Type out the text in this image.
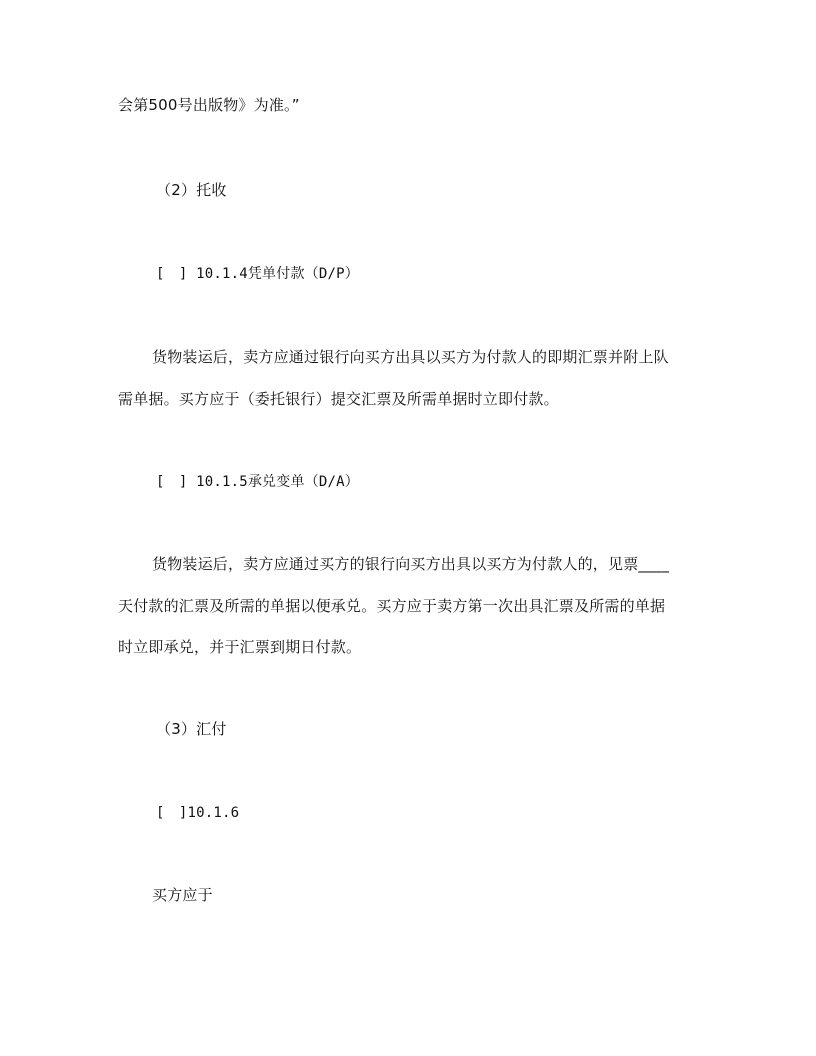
会第500号出版物》为准。”
（2）托收
[　] 10.1.4凭单付款（D/P）
货物装运后，卖方应通过银行向买方出具以买方为付款人的即期汇票并附上队
需单据。买方应于（委托银行）提交汇票及所需单据时立即付款。
[　] 10.1.5承兑变单（D/A）
货物装运后，卖方应通过买方的银行向买方出具以买方为付款人的，见票____
天付款的汇票及所需的单据以便承兑。买方应于卖方第一次出具汇票及所需的单据
时立即承兑，并于汇票到期日付款。
（3）汇付
[　]10.1.6
买方应于
